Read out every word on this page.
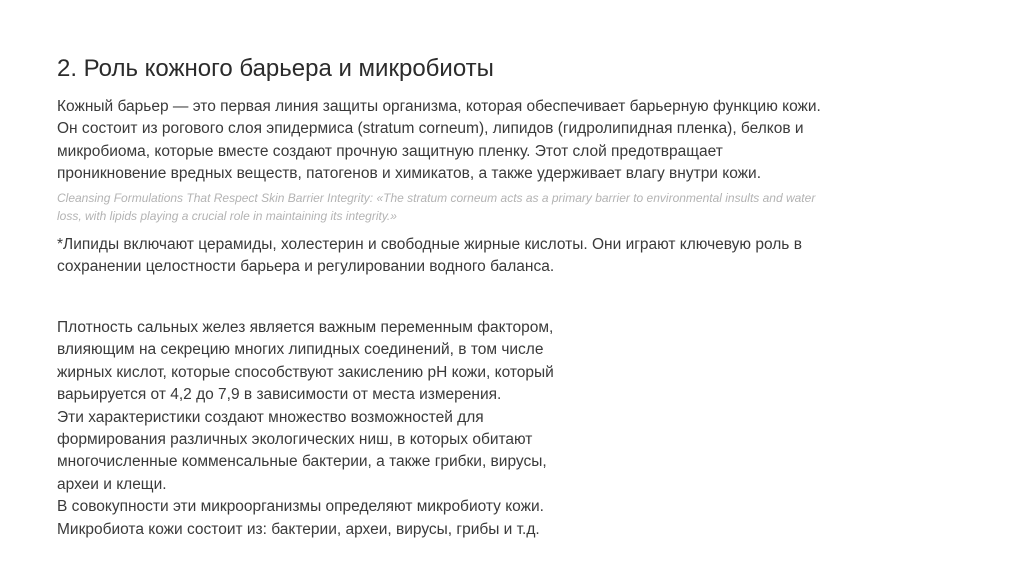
2. Роль кожного барьера и микробиоты

Кожный барьер — это первая линия защиты организма, которая обеспечивает барьерную функцию кожи.
Он состоит из рогового слоя эпидермиса (stratum corneum), липидов (гидролипидная пленка), белков и
микробиома, которые вместе создают прочную защитную пленку. Этот слой предотвращает
проникновение вредных веществ, патогенов и химикатов, а также удерживает влагу внутри кожи.

Cleansing Formulations That Respect Skin Barrier Integrity: «The stratum corneum acts as a primary barrier to environmental insults and water
loss, with lipids playing a crucial role in maintaining its integrity.»

*Липиды включают церамиды, холестерин и свободные жирные кислоты. Они играют ключевую роль в
сохранении целостности барьера и регулировании водного баланса.

Плотность сальных желез является важным переменным фактором,
влияющим на секрецию многих липидных соединений, в том числе
жирных кислот, которые способствуют закислению pH кожи, который
варьируется от 4,2 до 7,9 в зависимости от места измерения.
Эти характеристики создают множество возможностей для
формирования различных экологических ниш, в которых обитают
многочисленные комменсальные бактерии, а также грибки, вирусы,
археи и клещи.
В совокупности эти микроорганизмы определяют микробиоту кожи.
Микробиота кожи состоит из: бактерии, археи, вирусы, грибы и т.д.
